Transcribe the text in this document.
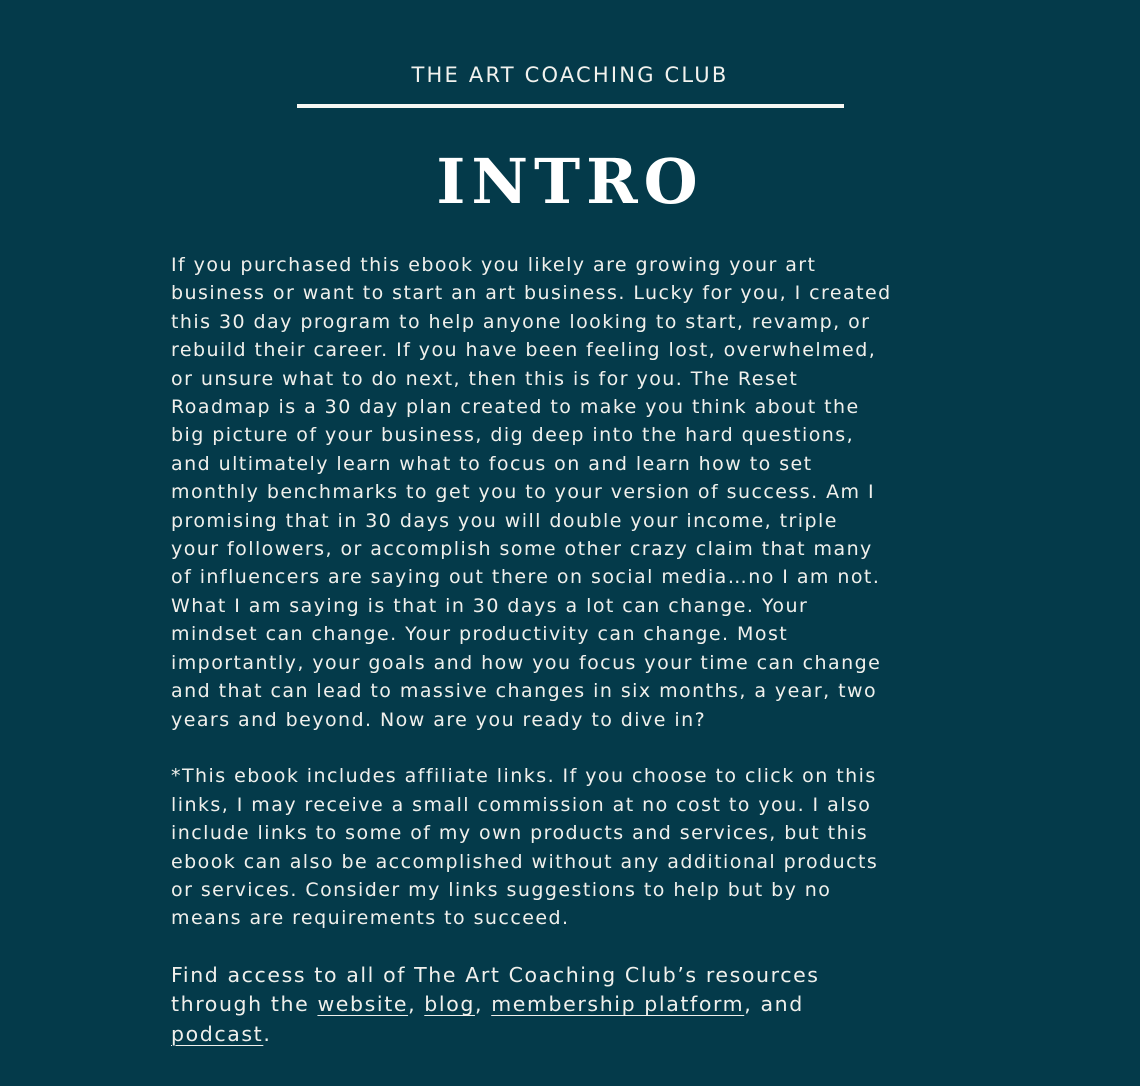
THE ART COACHING CLUB
INTRO

If you purchased this ebook you likely are growing your art
business or want to start an art business. Lucky for you, I created
this 30 day program to help anyone looking to start, revamp, or
rebuild their career. If you have been feeling lost, overwhelmed,
or unsure what to do next, then this is for you. The Reset
Roadmap is a 30 day plan created to make you think about the
big picture of your business, dig deep into the hard questions,
and ultimately learn what to focus on and learn how to set
monthly benchmarks to get you to your version of success. Am I
promising that in 30 days you will double your income, triple
your followers, or accomplish some other crazy claim that many
of influencers are saying out there on social media…no I am not.
What I am saying is that in 30 days a lot can change. Your
mindset can change. Your productivity can change. Most
importantly, your goals and how you focus your time can change
and that can lead to massive changes in six months, a year, two
years and beyond. Now are you ready to dive in?

*This ebook includes affiliate links. If you choose to click on this
links, I may receive a small commission at no cost to you. I also
include links to some of my own products and services, but this
ebook can also be accomplished without any additional products
or services. Consider my links suggestions to help but by no
means are requirements to succeed.

Find access to all of The Art Coaching Club’s resources
through the website, blog, membership platform, and
podcast.
